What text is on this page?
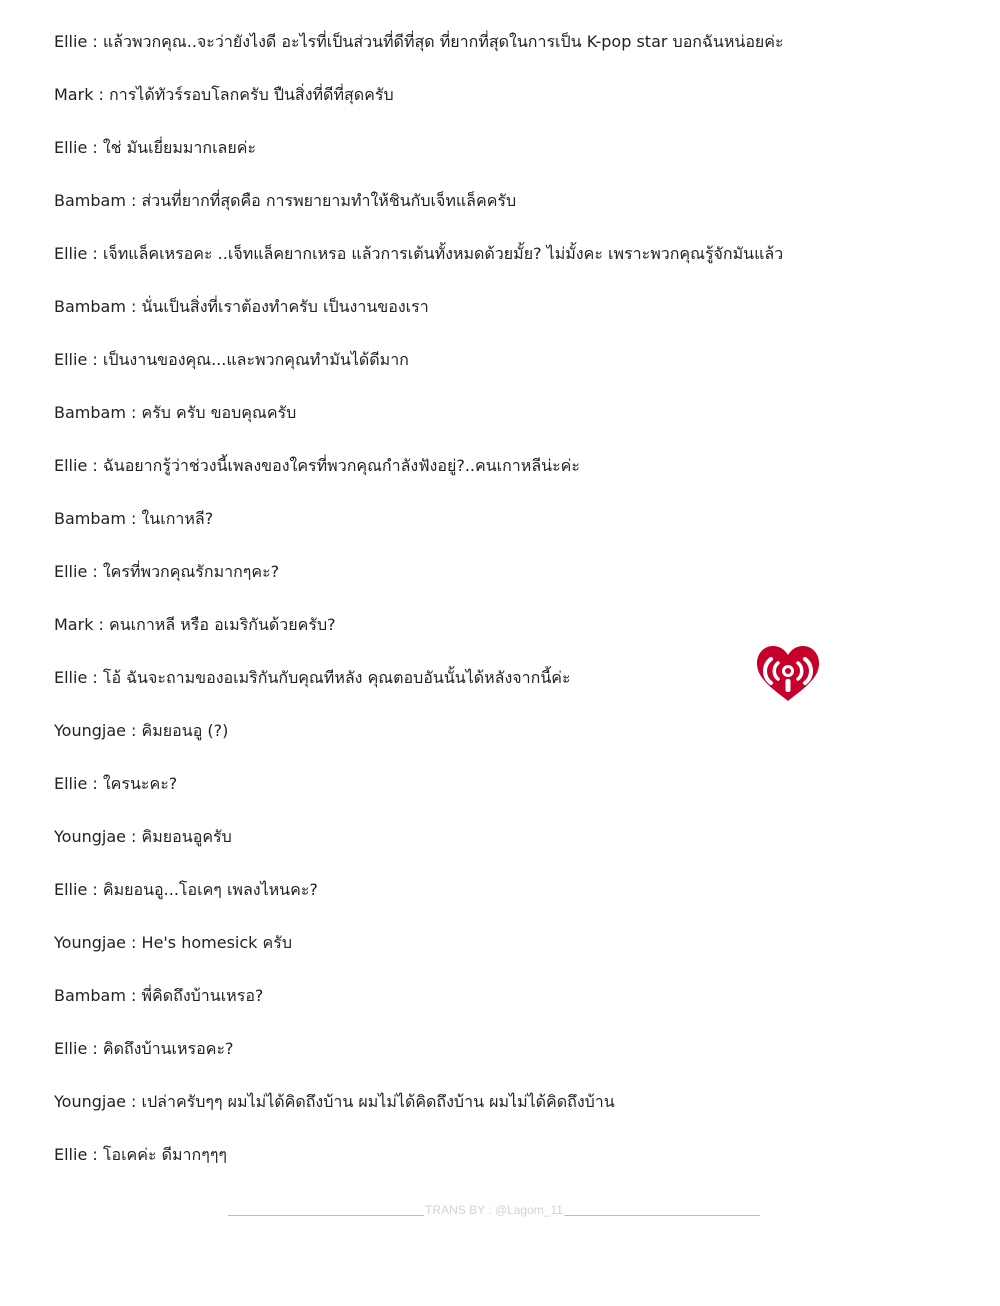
Ellie : แล้วพวกคุณ..จะว่ายังไงดี อะไรที่เป็นส่วนที่ดีที่สุด ที่ยากที่สุดในการเป็น K-pop star บอกฉันหน่อยค่ะ
Mark : การได้ทัวร์รอบโลกครับ ปืนสิ่งที่ดีที่สุดครับ
Ellie : ใช่ มันเยี่ยมมากเลยค่ะ
Bambam : ส่วนที่ยากที่สุดคือ การพยายามทำให้ชินกับเจ็ทแล็คครับ
Ellie : เจ็ทแล็คเหรอคะ ..เจ็ทแล็คยากเหรอ แล้วการเต้นทั้งหมดด้วยมั้ย? ไม่มั้งคะ เพราะพวกคุณรู้จักมันแล้ว
Bambam : นั่นเป็นสิ่งที่เราต้องทำครับ เป็นงานของเรา
Ellie : เป็นงานของคุณ...และพวกคุณทำมันได้ดีมาก
Bambam : ครับ ครับ ขอบคุณครับ
Ellie : ฉันอยากรู้ว่าช่วงนี้เพลงของใครที่พวกคุณกำลังฟังอยู่?..คนเกาหลีน่ะค่ะ
Bambam : ในเกาหลี?
Ellie : ใครที่พวกคุณรักมากๆคะ?
Mark : คนเกาหลี หรือ อเมริกันด้วยครับ?
Ellie : โอ้ ฉันจะถามของอเมริกันกับคุณทีหลัง คุณตอบอันนั้นได้หลังจากนี้ค่ะ
Youngjae : คิมยอนอู (?)
Ellie : ใครนะคะ?
Youngjae : คิมยอนอูครับ
Ellie : คิมยอนอู...โอเคๆ เพลงไหนคะ?
Youngjae : He's homesick ครับ
Bambam : พี่คิดถึงบ้านเหรอ?
Ellie : คิดถึงบ้านเหรอคะ?
Youngjae : เปล่าครับๆๆ ผมไม่ได้คิดถึงบ้าน ผมไม่ได้คิดถึงบ้าน ผมไม่ได้คิดถึงบ้าน
Ellie : โอเคค่ะ ดีมากๆๆๆ
TRANS BY : @Lagom_11
